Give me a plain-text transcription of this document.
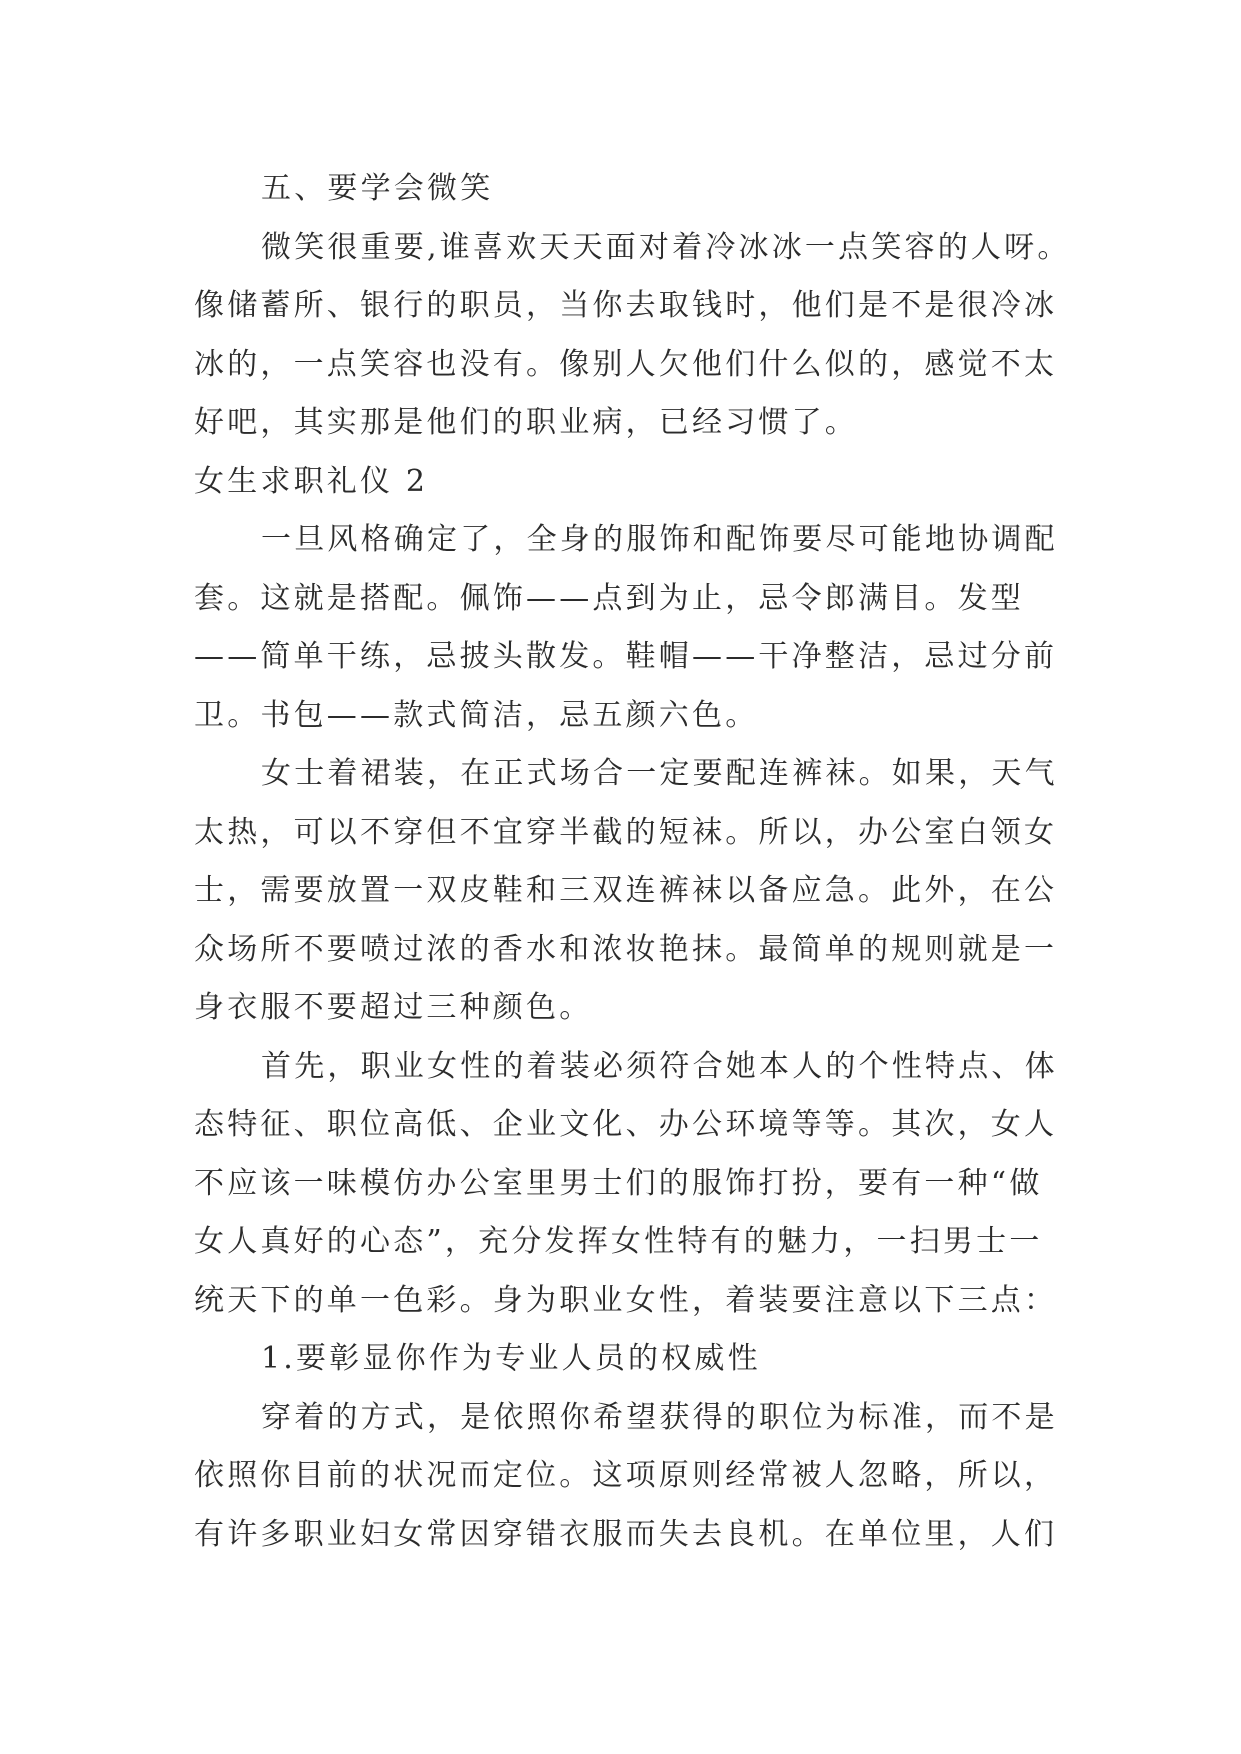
五、要学会微笑
微笑很重要,谁喜欢天天面对着冷冰冰一点笑容的人呀。
像储蓄所、银行的职员，当你去取钱时，他们是不是很冷冰
冰的，一点笑容也没有。像别人欠他们什么似的，感觉不太
好吧，其实那是他们的职业病，已经习惯了。
女生求职礼仪 2
一旦风格确定了，全身的服饰和配饰要尽可能地协调配
套。这就是搭配。佩饰——点到为止，忌令郎满目。发型
——简单干练，忌披头散发。鞋帽——干净整洁，忌过分前
卫。书包——款式简洁，忌五颜六色。
女士着裙装，在正式场合一定要配连裤袜。如果，天气
太热，可以不穿但不宜穿半截的短袜。所以，办公室白领女
士，需要放置一双皮鞋和三双连裤袜以备应急。此外，在公
众场所不要喷过浓的香水和浓妆艳抹。最简单的规则就是一
身衣服不要超过三种颜色。
首先，职业女性的着装必须符合她本人的个性特点、体
态特征、职位高低、企业文化、办公环境等等。其次，女人
不应该一味模仿办公室里男士们的服饰打扮，要有一种“做
女人真好的心态”，充分发挥女性特有的魅力，一扫男士一
统天下的单一色彩。身为职业女性，着装要注意以下三点：
1.要彰显你作为专业人员的权威性
穿着的方式，是依照你希望获得的职位为标准，而不是
依照你目前的状况而定位。这项原则经常被人忽略，所以，
有许多职业妇女常因穿错衣服而失去良机。在单位里，人们
